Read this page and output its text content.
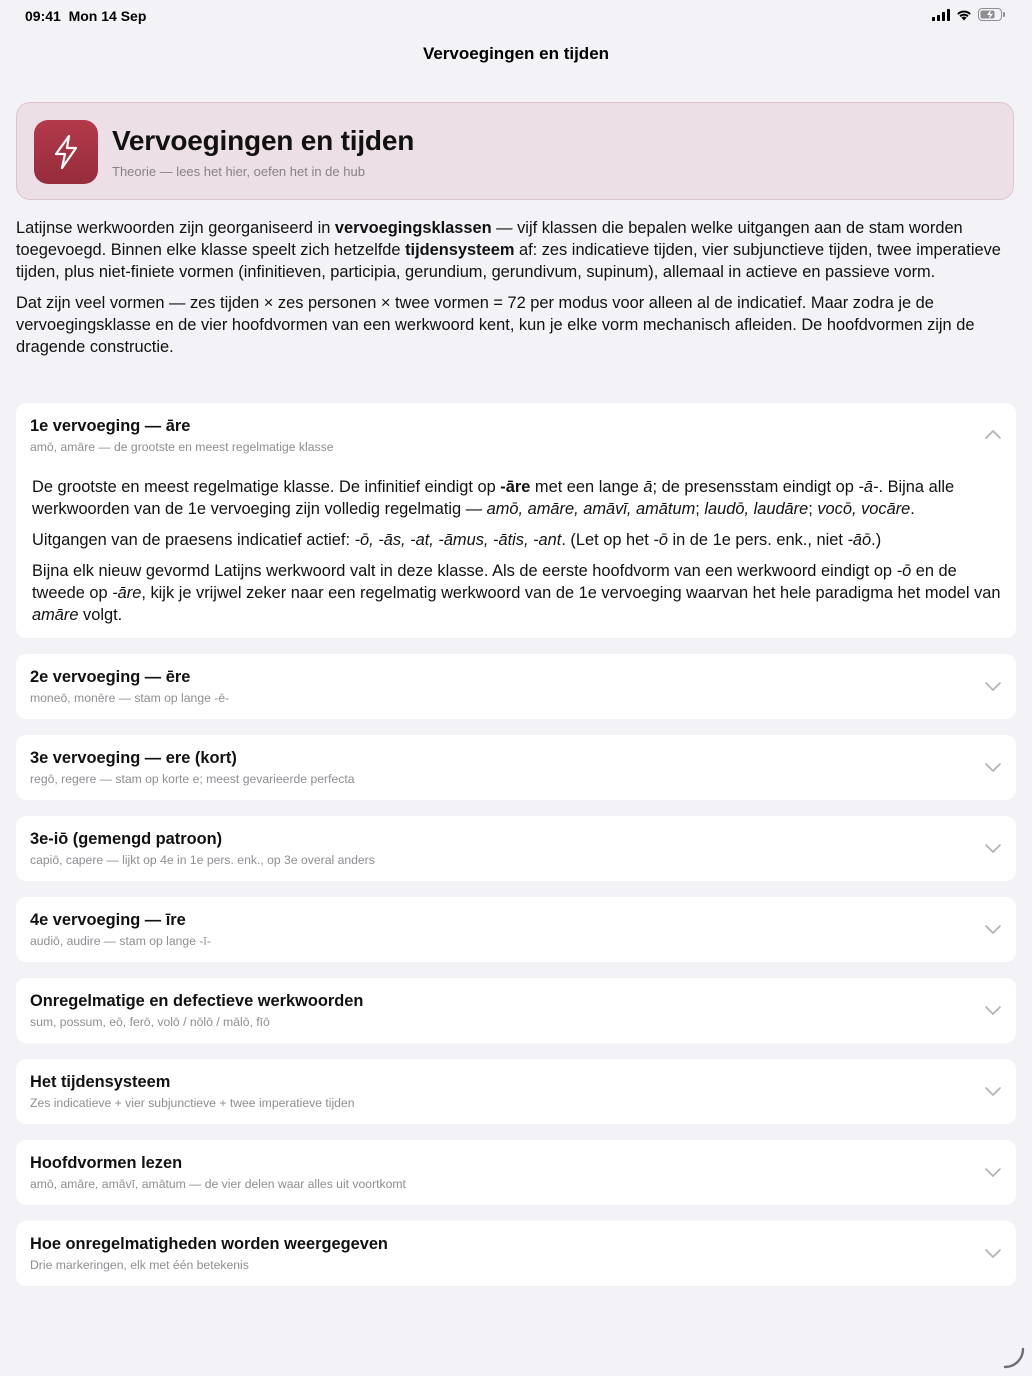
09:41 Mon 14 Sep
Vervoegingen en tijden
Vervoegingen en tijden
Theorie — lees het hier, oefen het in de hub

Latijnse werkwoorden zijn georganiseerd in vervoegingsklassen — vijf klassen die bepalen welke uitgangen aan de stam worden toegevoegd. Binnen elke klasse speelt zich hetzelfde tijdensysteem af: zes indicatieve tijden, vier subjunctieve tijden, twee imperatieve tijden, plus niet-finiete vormen (infinitieven, participia, gerundium, gerundivum, supinum), allemaal in actieve en passieve vorm.

Dat zijn veel vormen — zes tijden × zes personen × twee vormen = 72 per modus voor alleen al de indicatief. Maar zodra je de vervoegingsklasse en de vier hoofdvormen van een werkwoord kent, kun je elke vorm mechanisch afleiden. De hoofdvormen zijn de dragende constructie.

1e vervoeging — āre
amō, amāre — de grootste en meest regelmatige klasse

De grootste en meest regelmatige klasse. De infinitief eindigt op -āre met een lange ā; de presensstam eindigt op -ā-. Bijna alle werkwoorden van de 1e vervoeging zijn volledig regelmatig — amō, amāre, amāvī, amātum; laudō, laudāre; vocō, vocāre.

Uitgangen van de praesens indicatief actief: -ō, -ās, -at, -āmus, -ātis, -ant. (Let op het -ō in de 1e pers. enk., niet -āō.)

Bijna elk nieuw gevormd Latijns werkwoord valt in deze klasse. Als de eerste hoofdvorm van een werkwoord eindigt op -ō en de tweede op -āre, kijk je vrijwel zeker naar een regelmatig werkwoord van de 1e vervoeging waarvan het hele paradigma het model van amāre volgt.

2e vervoeging — ēre
moneō, monēre — stam op lange -ē-
3e vervoeging — ere (kort)
regō, regere — stam op korte e; meest gevarieerde perfecta
3e-iō (gemengd patroon)
capiō, capere — lijkt op 4e in 1e pers. enk., op 3e overal anders
4e vervoeging — īre
audiō, audire — stam op lange -ī-
Onregelmatige en defectieve werkwoorden
sum, possum, eō, ferō, volō / nōlō / mālō, fīō
Het tijdensysteem
Zes indicatieve + vier subjunctieve + twee imperatieve tijden
Hoofdvormen lezen
amō, amāre, amāvī, amātum — de vier delen waar alles uit voortkomt
Hoe onregelmatigheden worden weergegeven
Drie markeringen, elk met één betekenis
